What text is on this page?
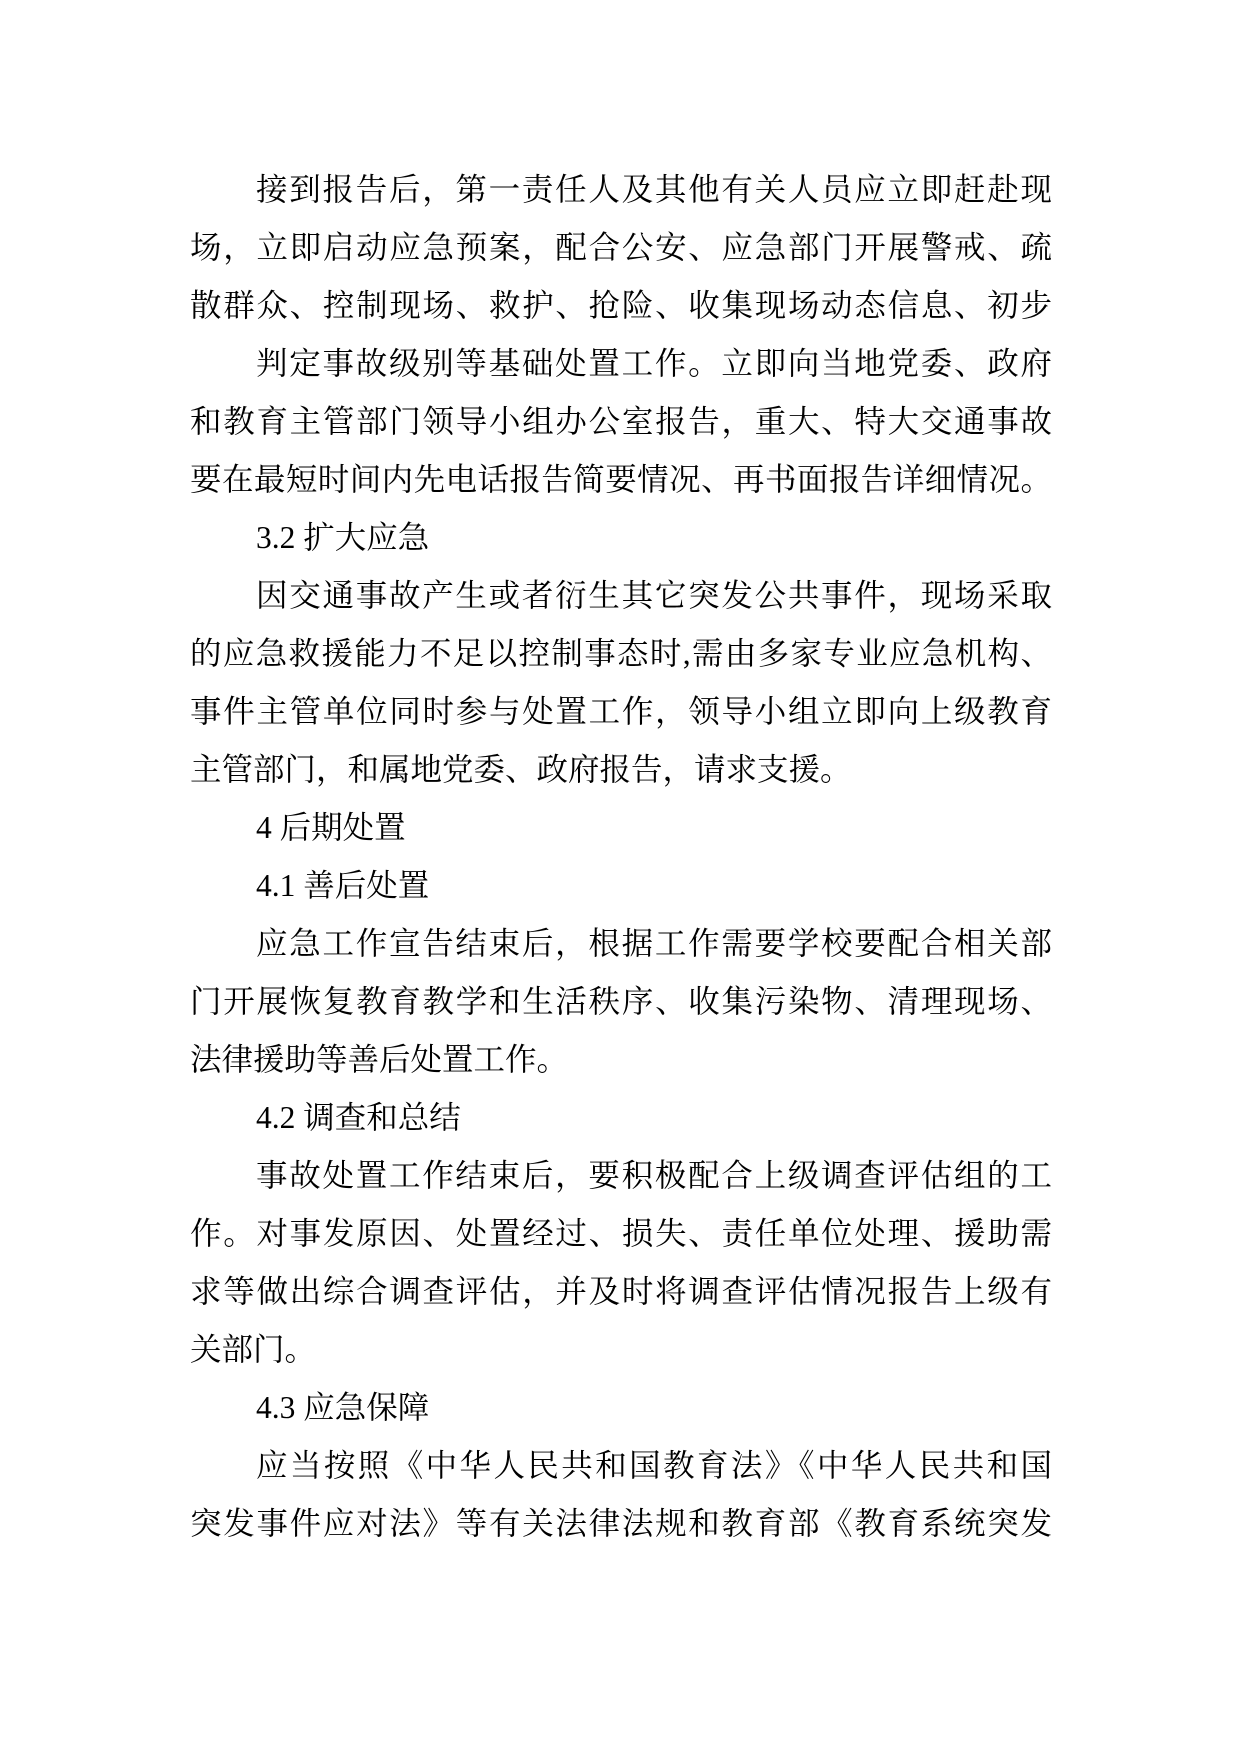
接到报告后，第一责任人及其他有关人员应立即赶赴现
场，立即启动应急预案，配合公安、应急部门开展警戒、疏
散群众、控制现场、救护、抢险、收集现场动态信息、初步
判定事故级别等基础处置工作。立即向当地党委、政府
和教育主管部门领导小组办公室报告，重大、特大交通事故
要在最短时间内先电话报告简要情况、再书面报告详细情况。
3.2 扩大应急
因交通事故产生或者衍生其它突发公共事件，现场采取
的应急救援能力不足以控制事态时,需由多家专业应急机构、
事件主管单位同时参与处置工作，领导小组立即向上级教育
主管部门，和属地党委、政府报告，请求支援。
4 后期处置
4.1 善后处置
应急工作宣告结束后，根据工作需要学校要配合相关部
门开展恢复教育教学和生活秩序、收集污染物、清理现场、
法律援助等善后处置工作。
4.2 调查和总结
事故处置工作结束后，要积极配合上级调查评估组的工
作。对事发原因、处置经过、损失、责任单位处理、援助需
求等做出综合调查评估，并及时将调查评估情况报告上级有
关部门。
4.3 应急保障
应当按照《中华人民共和国教育法》《中华人民共和国
突发事件应对法》等有关法律法规和教育部《教育系统突发
